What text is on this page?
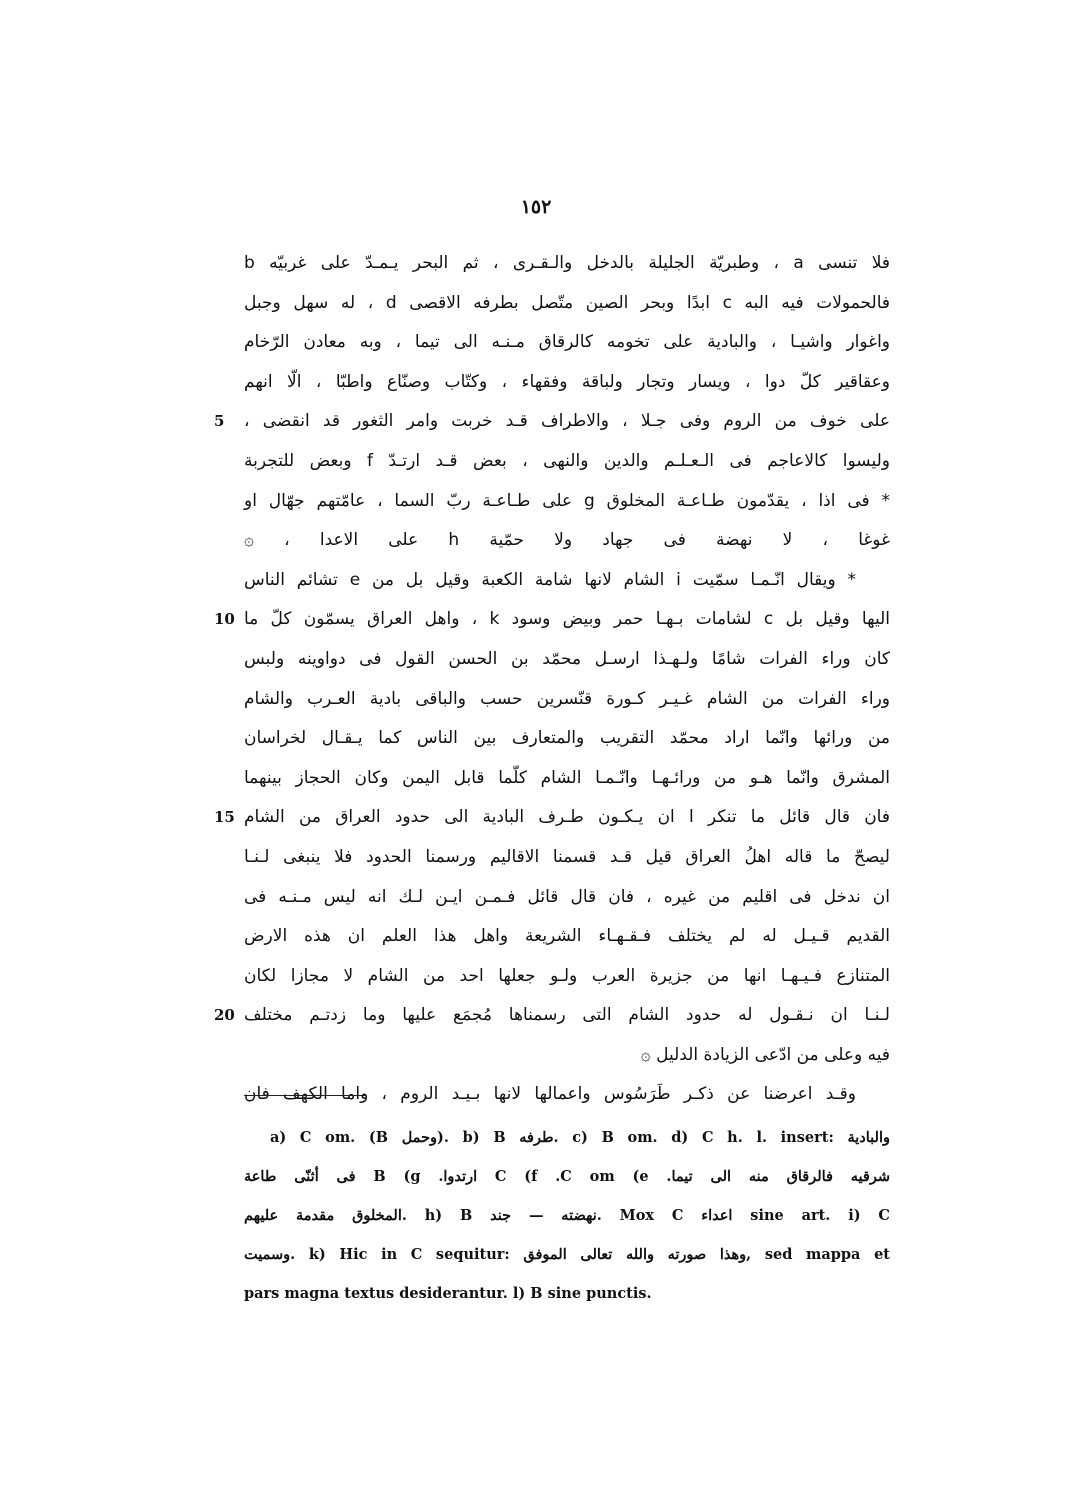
١٥٢
فلا تنسى a ، وطبريّة الجليلة بالدخل والـقـرى ، ثم البحر يـمـدّ على غربيّه b
فالحمولات فيه البه c ابدًا وبحر الصين متّصل بطرفه الاقصى d ، له سهل وجبل
واغوار واشيـا ، والبادية على تخومه كالرقاق مـنـه الى تيما ، وبه معادن الرّخام
وعقاقير كلّ دوا ، ويسار وتجار ولباقة وفقهاء ، وكتّاب وصنّاع واطبّا ، الّا انهم
5 على خوف من الروم وفى جـلا ، والاطراف قـد خربت وامر الثغور قد انقضى ،
وليسوا كالاعاجم فى الـعـلـم والدين والنهى ، بعض قـد ارتـدّ f وبعض للتجربة
* فى اذا ، يقدّمون طـاعـة المخلوق g على طـاعـة ربّ السما ، عامّتهم جهّال او
غوغا ، لا نهضة فى جهاد ولا حمّية h على الاعدا ، ۞
* ويقال انّـمـا سمّيت i الشام لانها شامة الكعبة وقيل بل من e تشائم الناس
10 اليها وقيل بل c لشامات بـهـا حمر وبيض وسود k ، واهل العراق يسمّون كلّ ما
كان وراء الفرات شامًا ولـهـذا ارسـل محمّد بن الحسن القول فى دواوينه ولبس
وراء الفرات من الشام غـيـر كـورة قنّسرين حسب والباقى بادية العـرب والشام
من ورائها وانّما اراد محمّد التقريب والمتعارف بين الناس كما يـقـال لخراسان
المشرق وانّما هـو من ورائـهـا وانّـمـا الشام كلّما قابل اليمن وكان الحجاز بينهما
15 فان قال قائل ما تنكر l ان يـكـون طـرف البادية الى حدود العراق من الشام
ليصحّ ما قاله اهلُ العراق قيل قـد قسمنا الاقاليم ورسمنا الحدود فلا ينبغى لـنـا
ان ندخل فى اقليم من غيره ، فان قال قائل فـمـن ايـن لـك انه ليس مـنـه فى
القديم قـيـل له لم يختلف فـقـهـاء الشريعة واهل هذا العلم ان هذه الارض
المتنازع فـيـهـا انها من جزيرة العرب ولـو جعلها احد من الشام لا مجازا لكان
20 لـنـا ان نـقـول له حدود الشام التى رسمناها مُجمَع عليها وما زدتـم مختلف
فيه وعلى من ادّعى الزيادة الدليل ۞
وقـد اعرضنا عن ذكـر طَرَسُوس واعمالها لانها بـيـد الروم ، واما الكهف فان
a) C om. (B وحمل). b) B طرفه. c) B om. d) C h. l. insert: والبادية
فى أثنّى طاعة B (g .ارتدوا C (f .C om (e .شرقيه فالرقاق منه الى تيما
المخلوق مقدمة عليهم. h) B نهضته — جند. Mox C اعداء sine art. i) C
وسميت. k) Hic in C sequitur: وهذا صورته والله تعالى الموفق, sed mappa et
pars magna textus desiderantur. l) B sine punctis.
